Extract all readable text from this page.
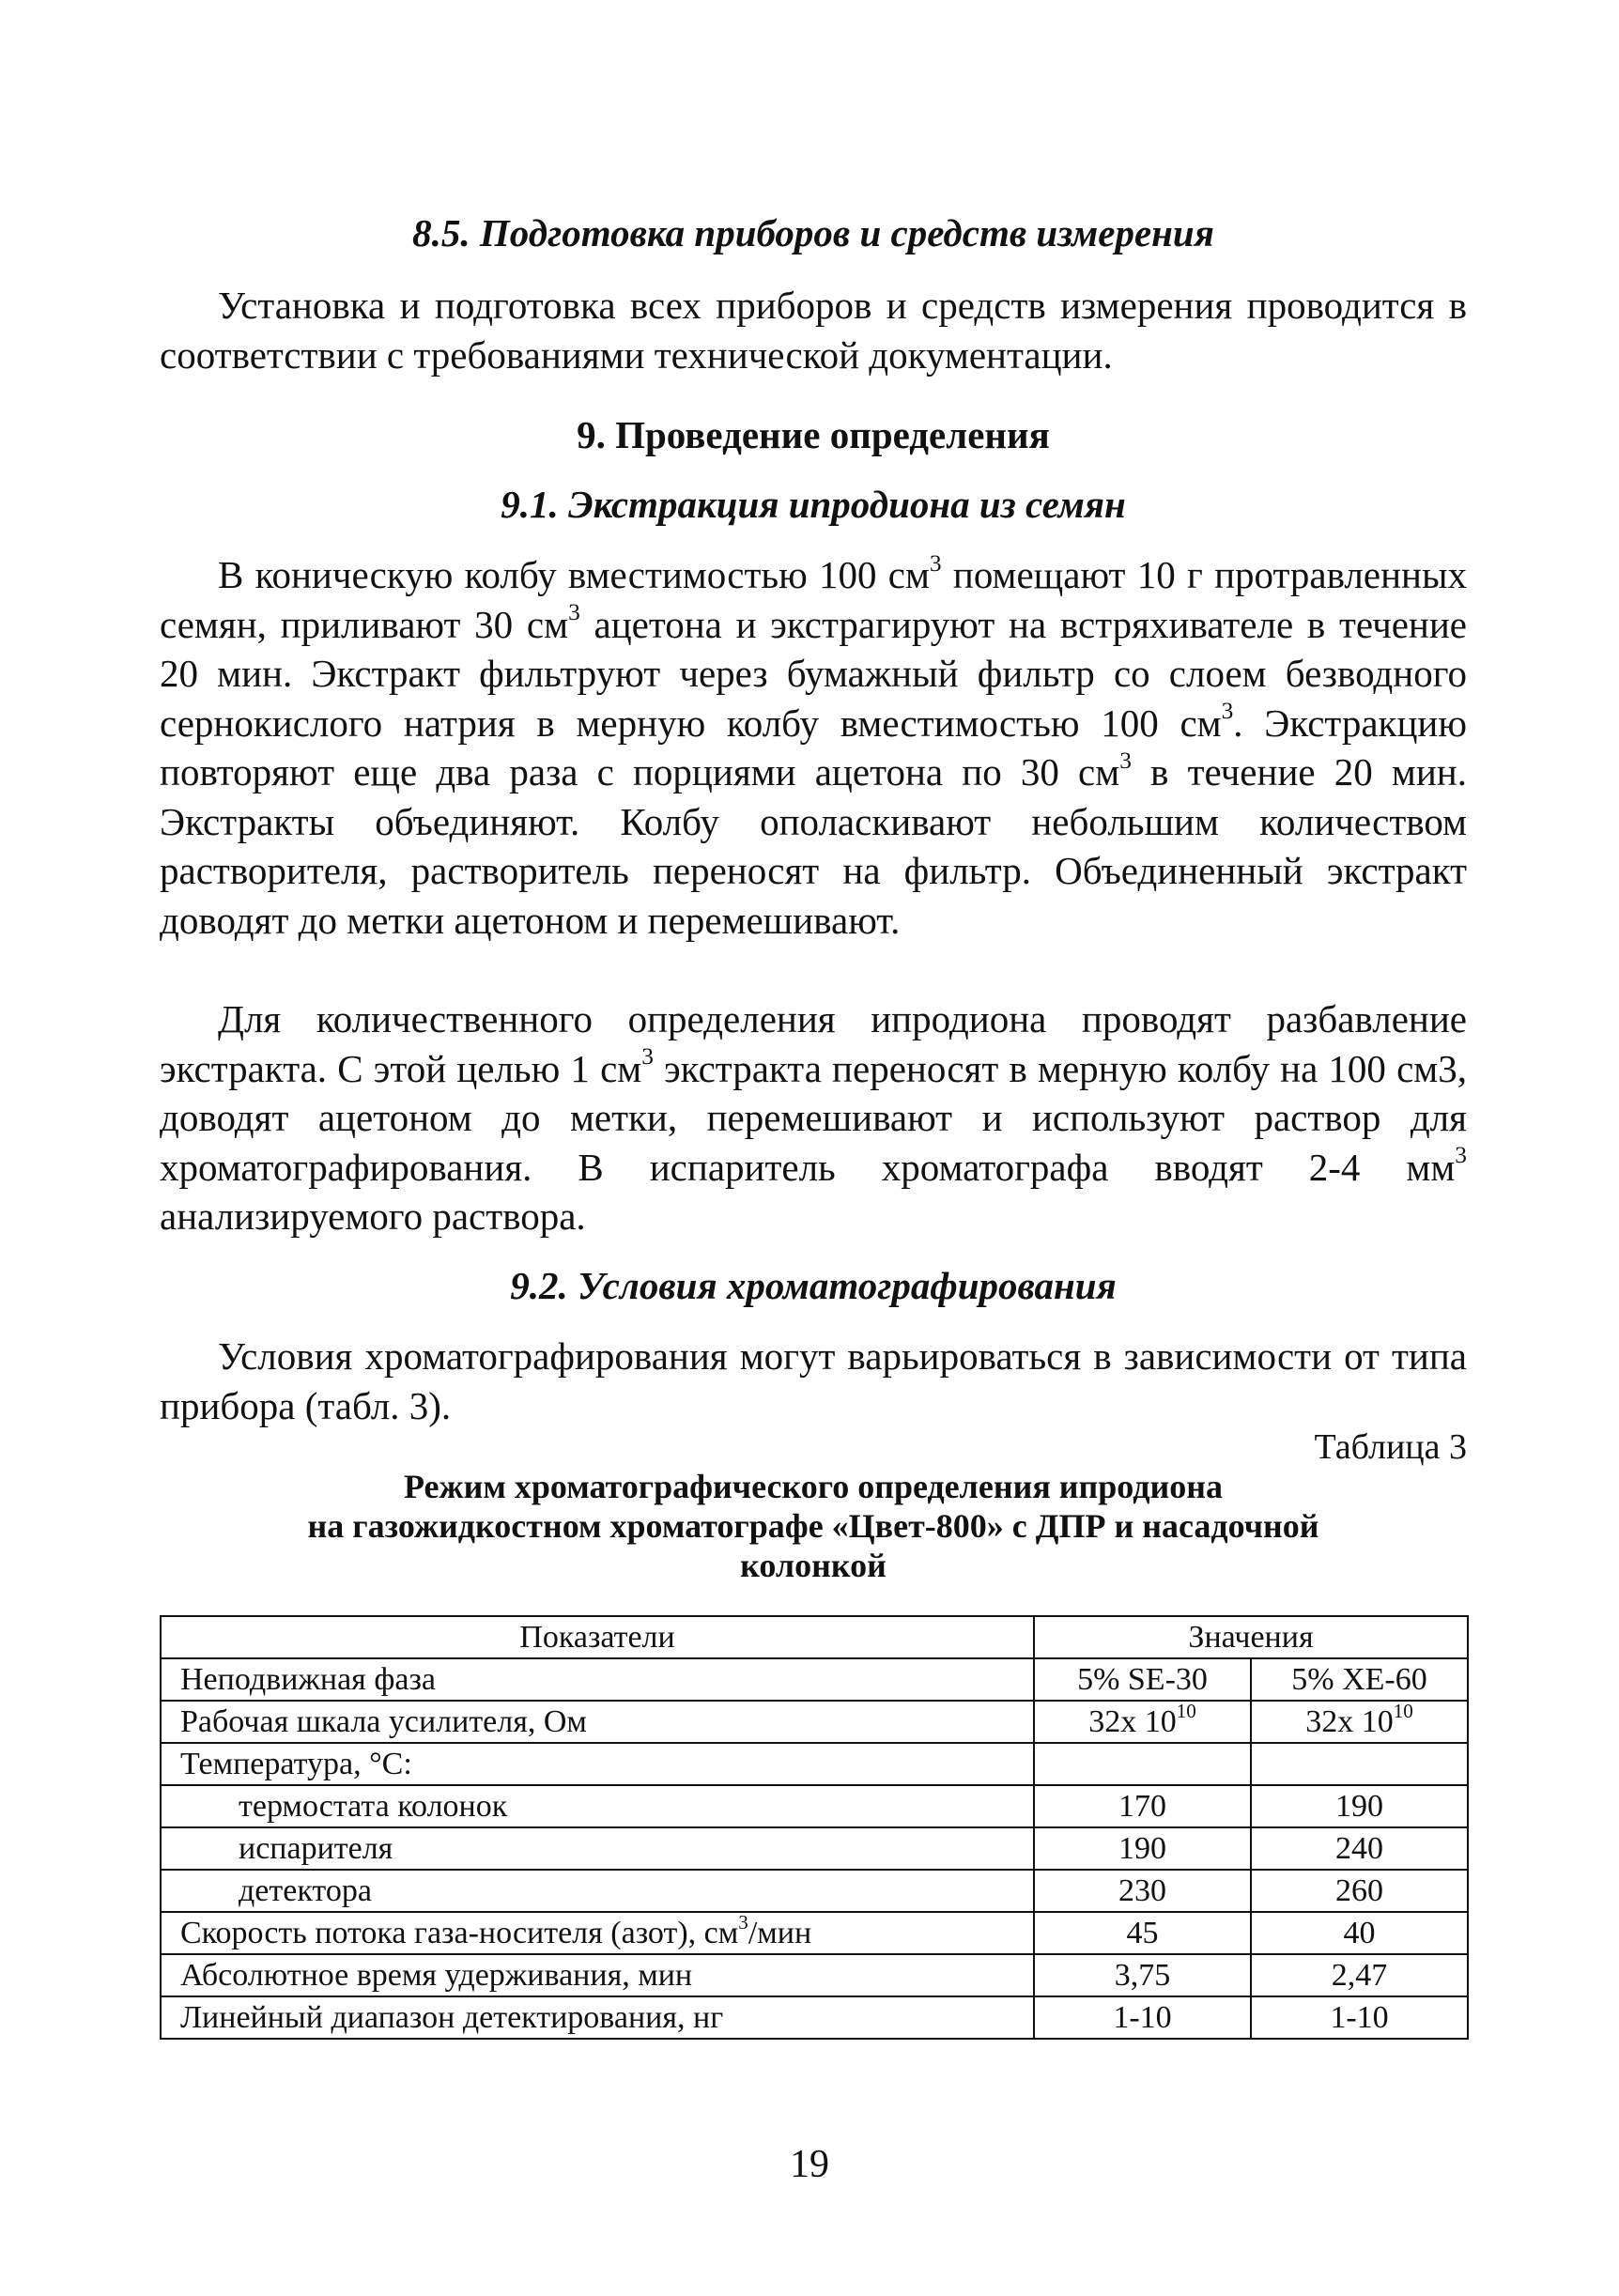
8.5. Подготовка приборов и средств измерения

Установка и подготовка всех приборов и средств измерения проводится в соответствии с требованиями технической документации.

9. Проведение определения
9.1. Экстракция ипродиона из семян

В коническую колбу вместимостью 100 $см^3$ помещают 10 г протравленных семян, приливают 30 $см^3$ ацетона и экстрагируют на встряхивателе в течение 20 мин. Экстракт фильтруют через бумажный фильтр со слоем безводного сернокислого натрия в мерную колбу вместимостью 100 $см^3$. Экстракцию повторяют еще два раза с порциями ацетона по 30 $см^3$ в течение 20 мин. Экстракты объединяют. Колбу ополаскивают небольшим количеством растворителя, растворитель переносят на фильтр. Объединенный экстракт доводят до метки ацетоном и перемешивают.

Для количественного определения ипродиона проводят разбавление экстракта. С этой целью 1 $см^3$ экстракта переносят в мерную колбу на 100 см3, доводят ацетоном до метки, перемешивают и используют раствор для хроматографирования. В испаритель хроматографа вводят 2-4 $мм^3$ анализируемого раствора.

9.2. Условия хроматографирования

Условия хроматографирования могут варьироваться в зависимости от типа прибора (табл. 3).

Таблица 3
Режим хроматографического определения ипродиона
на газожидкостном хроматографе «Цвет-800» с ДПР и насадочной
колонкой
Показатели	Значения	
Неподвижная фаза	5% SE-30	5% XE-60
Рабочая шкала усилителя, Ом	32х $10^{10}$	32х $10^{10}$
Температура, °С:		
термостата колонок	170	190
испарителя	190	240
детектора	230	260
Скорость потока газа-носителя (азот), $см^3$/мин	45	40
Абсолютное время удерживания, мин	3,75	2,47
Линейный диапазон детектирования, нг	1-10	1-10
19
